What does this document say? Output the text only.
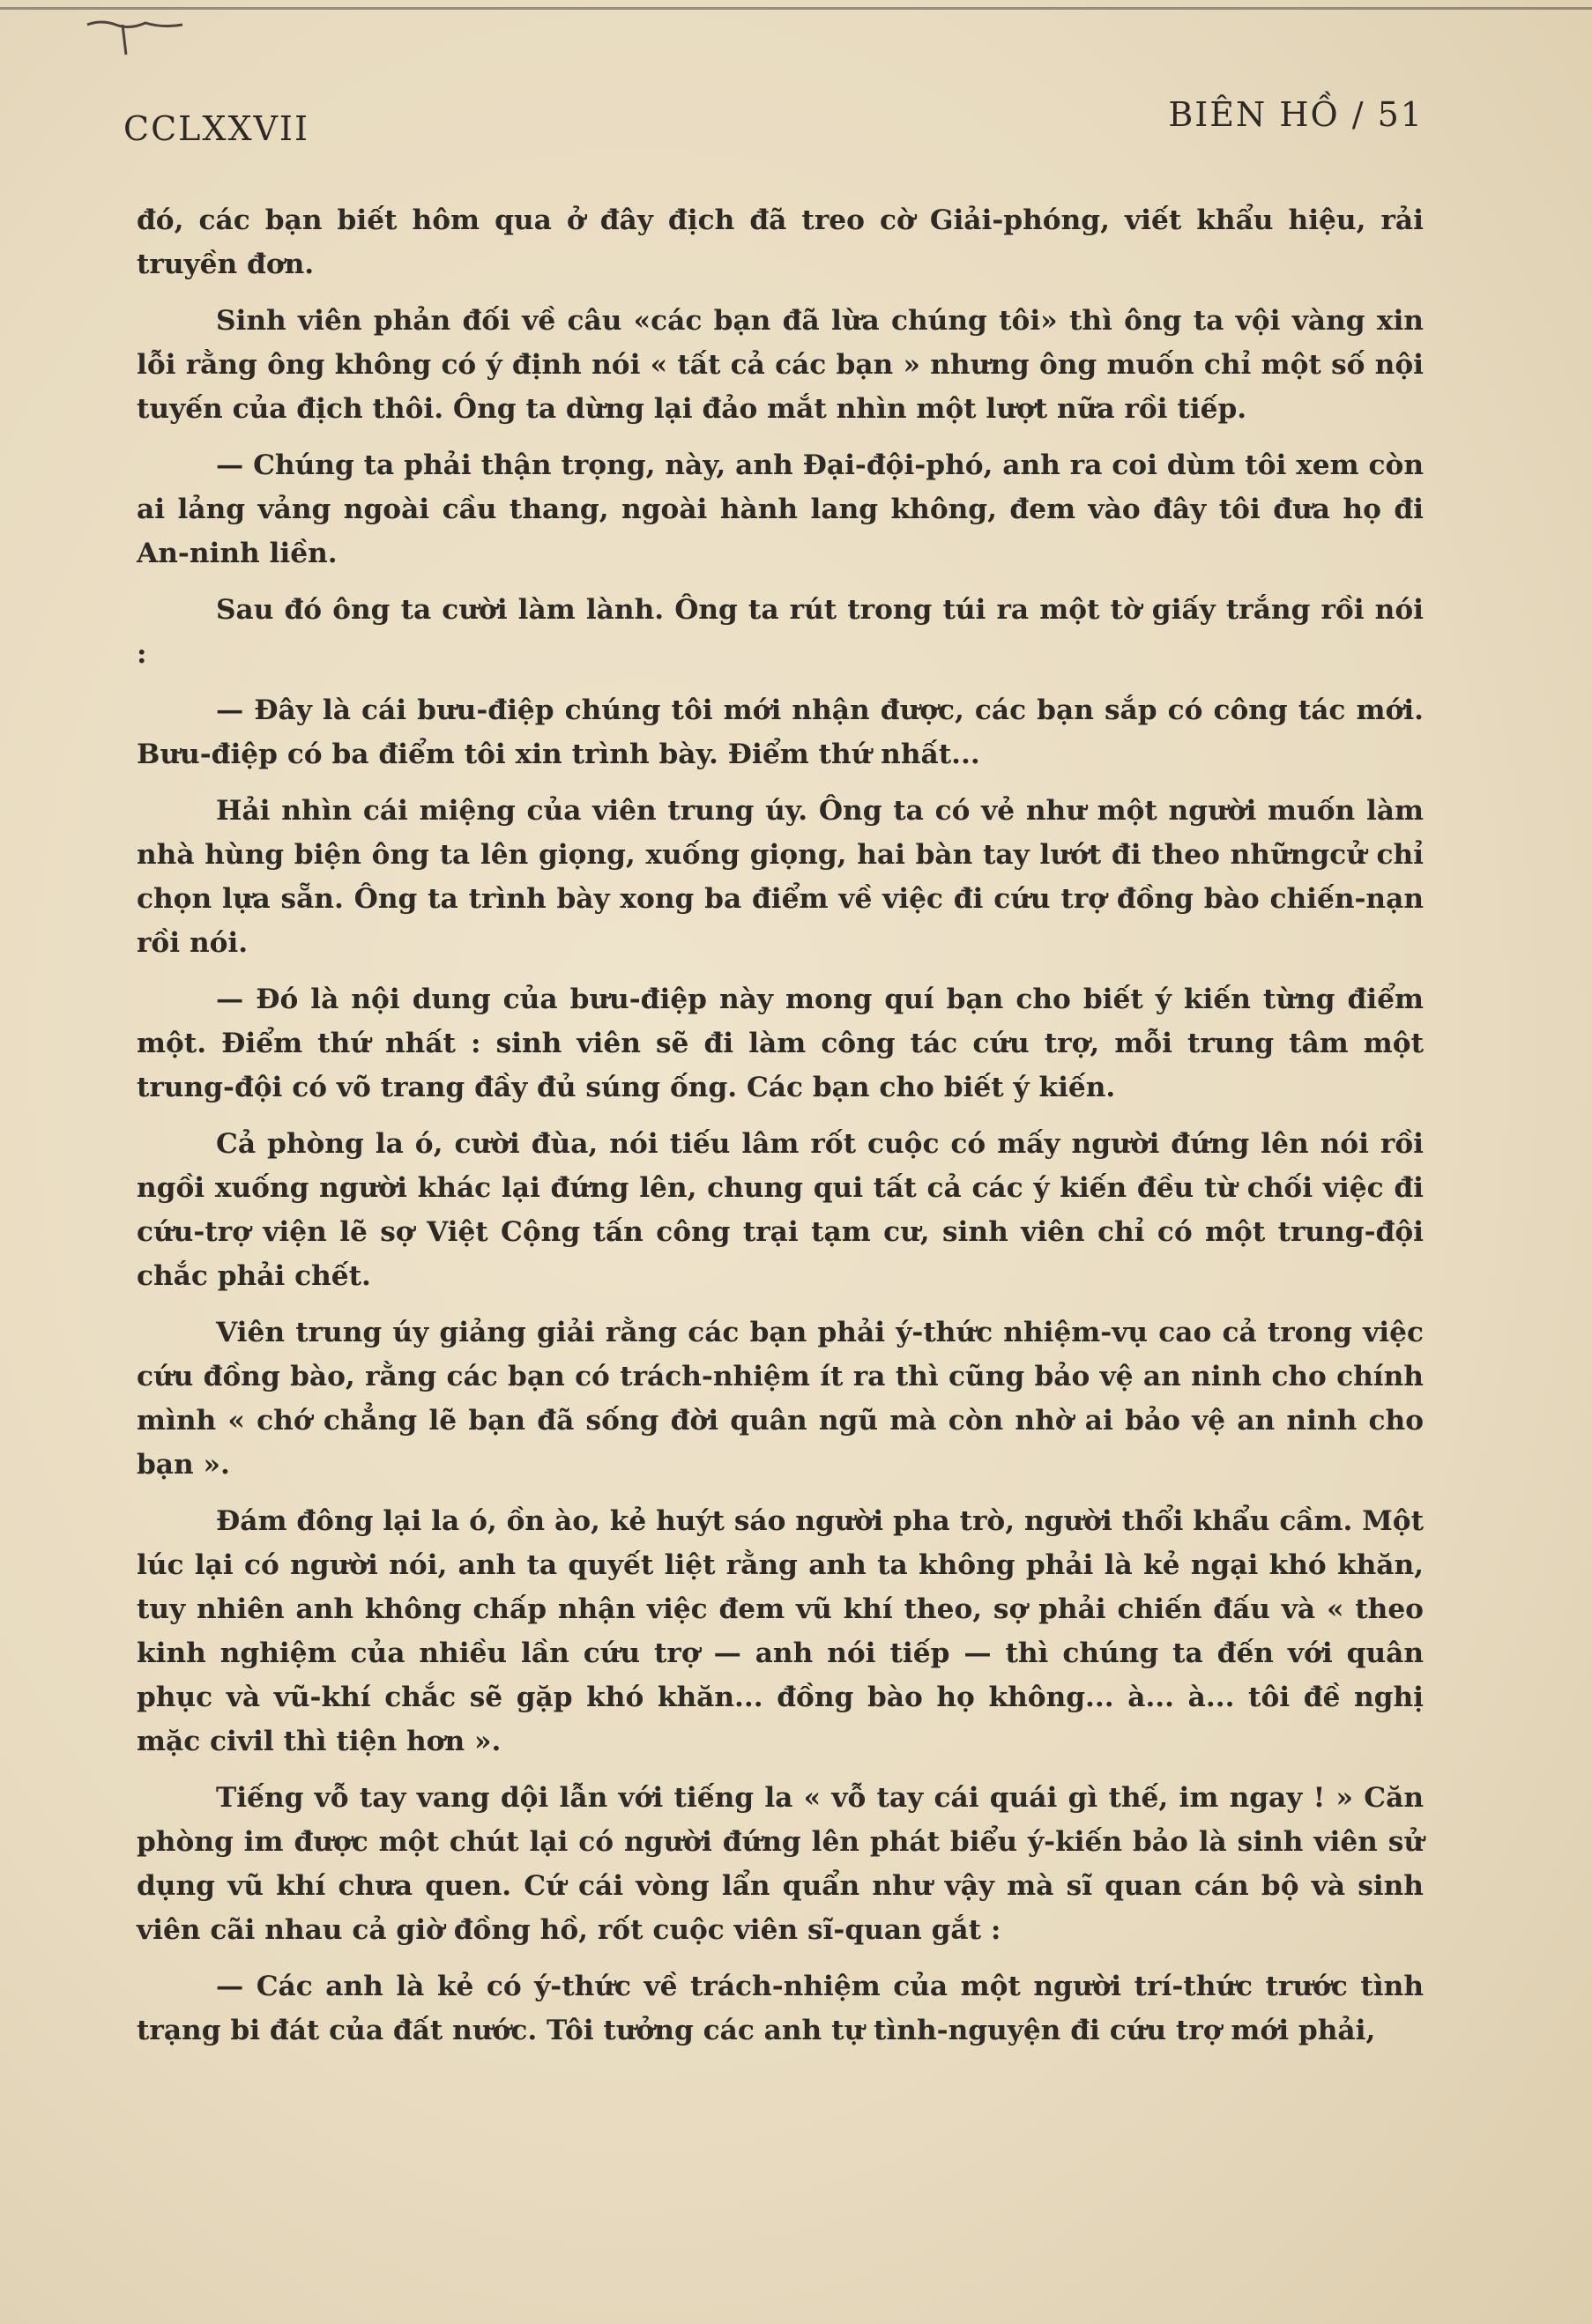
CCLXXVII	BIÊN HỒ / 51

đó, các bạn biết hôm qua ở đây địch đã treo cờ Giải-phóng, viết khẩu hiệu, rải truyền đơn.

Sinh viên phản đối về câu «các bạn đã lừa chúng tôi» thì ông ta vội vàng xin lỗi rằng ông không có ý định nói « tất cả các bạn » nhưng ông muốn chỉ một số nội tuyến của địch thôi. Ông ta dừng lại đảo mắt nhìn một lượt nữa rồi tiếp.

— Chúng ta phải thận trọng, này, anh Đại-đội-phó, anh ra coi dùm tôi xem còn ai lảng vảng ngoài cầu thang, ngoài hành lang không, đem vào đây tôi đưa họ đi An-ninh liền.

Sau đó ông ta cười làm lành. Ông ta rút trong túi ra một tờ giấy trắng rồi nói :

— Đây là cái bưu-điệp chúng tôi mới nhận được, các bạn sắp có công tác mới. Bưu-điệp có ba điểm tôi xin trình bày. Điểm thứ nhất...

Hải nhìn cái miệng của viên trung úy. Ông ta có vẻ như một người muốn làm nhà hùng biện ông ta lên giọng, xuống giọng, hai bàn tay lướt đi theo nhữngcử chỉ chọn lựa sẵn. Ông ta trình bày xong ba điểm về việc đi cứu trợ đồng bào chiến-nạn rồi nói.

— Đó là nội dung của bưu-điệp này mong quí bạn cho biết ý kiến từng điểm một. Điểm thứ nhất : sinh viên sẽ đi làm công tác cứu trợ, mỗi trung tâm một trung-đội có võ trang đầy đủ súng ống. Các bạn cho biết ý kiến.

Cả phòng la ó, cười đùa, nói tiếu lâm rốt cuộc có mấy người đứng lên nói rồi ngồi xuống người khác lại đứng lên, chung qui tất cả các ý kiến đều từ chối việc đi cứu-trợ viện lẽ sợ Việt Cộng tấn công trại tạm cư, sinh viên chỉ có một trung-đội chắc phải chết.

Viên trung úy giảng giải rằng các bạn phải ý-thức nhiệm-vụ cao cả trong việc cứu đồng bào, rằng các bạn có trách-nhiệm ít ra thì cũng bảo vệ an ninh cho chính mình « chớ chẳng lẽ bạn đã sống đời quân ngũ mà còn nhờ ai bảo vệ an ninh cho bạn ».

Đám đông lại la ó, ồn ào, kẻ huýt sáo người pha trò, người thổi khẩu cầm. Một lúc lại có người nói, anh ta quyết liệt rằng anh ta không phải là kẻ ngại khó khăn, tuy nhiên anh không chấp nhận việc đem vũ khí theo, sợ phải chiến đấu và « theo kinh nghiệm của nhiều lần cứu trợ — anh nói tiếp — thì chúng ta đến với quân phục và vũ-khí chắc sẽ gặp khó khăn... đồng bào họ không... à... à... tôi đề nghị mặc civil thì tiện hơn ».

Tiếng vỗ tay vang dội lẫn với tiếng la « vỗ tay cái quái gì thế, im ngay ! » Căn phòng im được một chút lại có người đứng lên phát biểu ý-kiến bảo là sinh viên sử dụng vũ khí chưa quen. Cứ cái vòng lẩn quẩn như vậy mà sĩ quan cán bộ và sinh viên cãi nhau cả giờ đồng hồ, rốt cuộc viên sĩ-quan gắt :

— Các anh là kẻ có ý-thức về trách-nhiệm của một người trí-thức trước tình trạng bi đát của đất nước. Tôi tưởng các anh tự tình-nguyện đi cứu trợ mới phải,
